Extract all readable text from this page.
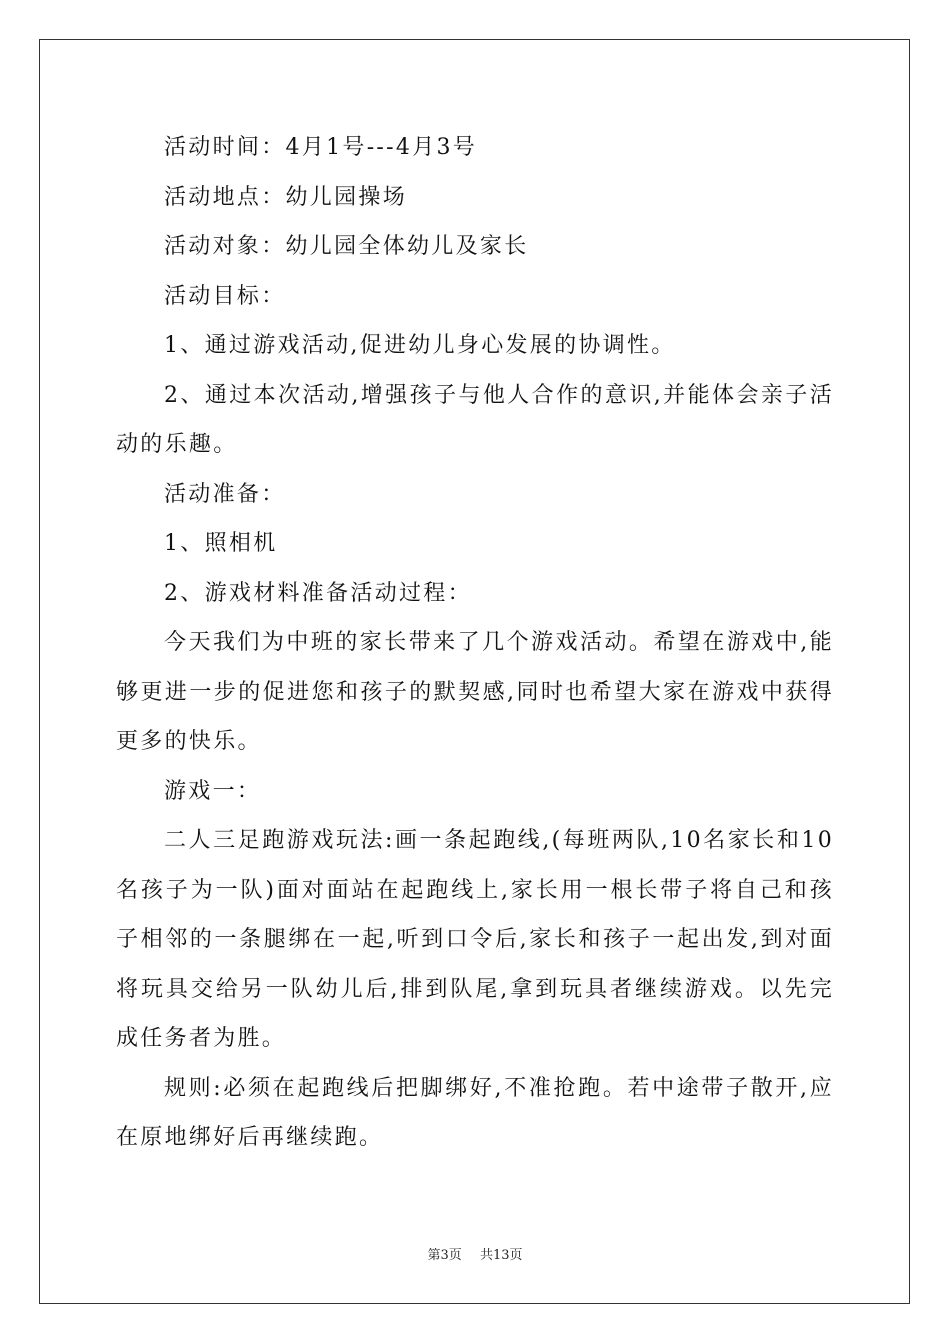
活动时间：4月1号---4月3号

活动地点：幼儿园操场

活动对象：幼儿园全体幼儿及家长

活动目标：

1、通过游戏活动,促进幼儿身心发展的协调性。

2、通过本次活动,增强孩子与他人合作的意识,并能体会亲子活动的乐趣。

活动准备：

1、照相机

2、游戏材料准备活动过程：

今天我们为中班的家长带来了几个游戏活动。希望在游戏中,能够更进一步的促进您和孩子的默契感,同时也希望大家在游戏中获得更多的快乐。

游戏一：

二人三足跑游戏玩法:画一条起跑线,(每班两队,10名家长和10名孩子为一队)面对面站在起跑线上,家长用一根长带子将自己和孩子相邻的一条腿绑在一起,听到口令后,家长和孩子一起出发,到对面将玩具交给另一队幼儿后,排到队尾,拿到玩具者继续游戏。以先完成任务者为胜。

规则:必须在起跑线后把脚绑好,不准抢跑。若中途带子散开,应在原地绑好后再继续跑。

第3页 共13页
